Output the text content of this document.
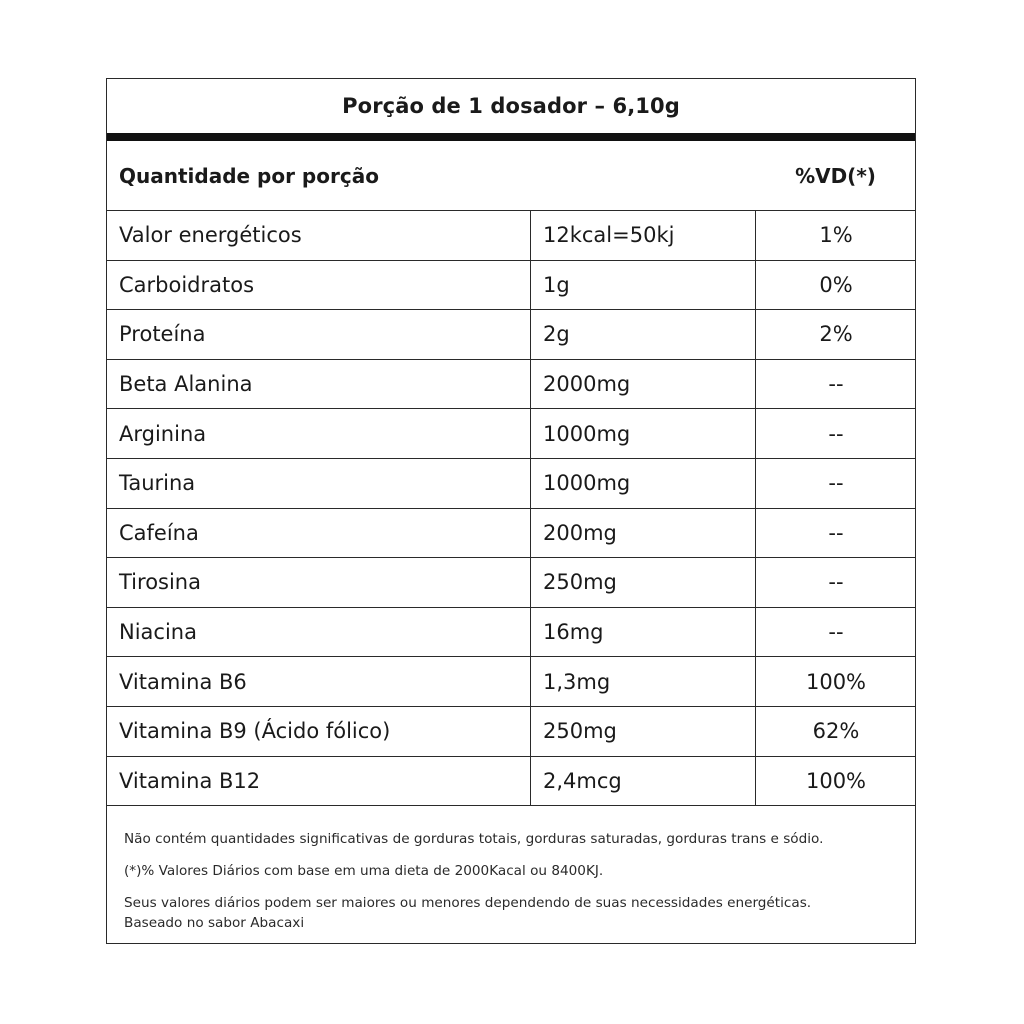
Porção de 1 dosador – 6,10g
Quantidade por porção	%VD(*)
Valor energéticos	12kcal=50kj	1%
Carboidratos	1g	0%
Proteína	2g	2%
Beta Alanina	2000mg	--
Arginina	1000mg	--
Taurina	1000mg	--
Cafeína	200mg	--
Tirosina	250mg	--
Niacina	16mg	--
Vitamina B6	1,3mg	100%
Vitamina B9 (Ácido fólico)	250mg	62%
Vitamina B12	2,4mcg	100%

Não contém quantidades significativas de gorduras totais, gorduras saturadas, gorduras trans e sódio.

(*)% Valores Diários com base em uma dieta de 2000Kacal ou 8400KJ.

Seus valores diários podem ser maiores ou menores dependendo de suas necessidades energéticas.

Baseado no sabor Abacaxi
